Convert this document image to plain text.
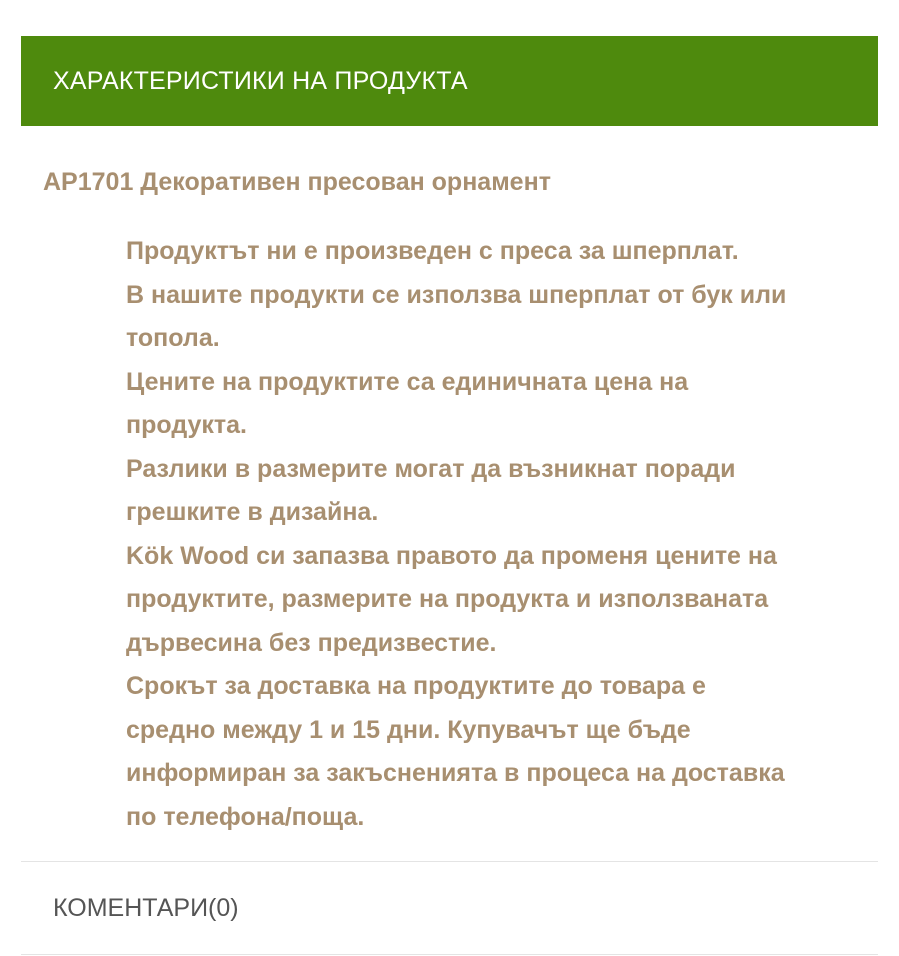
ХАРАКТЕРИСТИКИ НА ПРОДУКТА
AP1701 Декоративен пресован орнамент
Продуктът ни е произведен с преса за шперплат.
В нашите продукти се използва шперплат от бук или
топола.
Цените на продуктите са единичната цена на
продукта.
Разлики в размерите могат да възникнат поради
грешките в дизайна.
Kök Wood си запазва правото да променя цените на
продуктите, размерите на продукта и използваната
дървесина без предизвестие.
Срокът за доставка на продуктите до товара е
средно между 1 и 15 дни. Купувачът ще бъде
информиран за закъсненията в процеса на доставка
по телефона/поща.
КОМЕНТАРИ(0)
